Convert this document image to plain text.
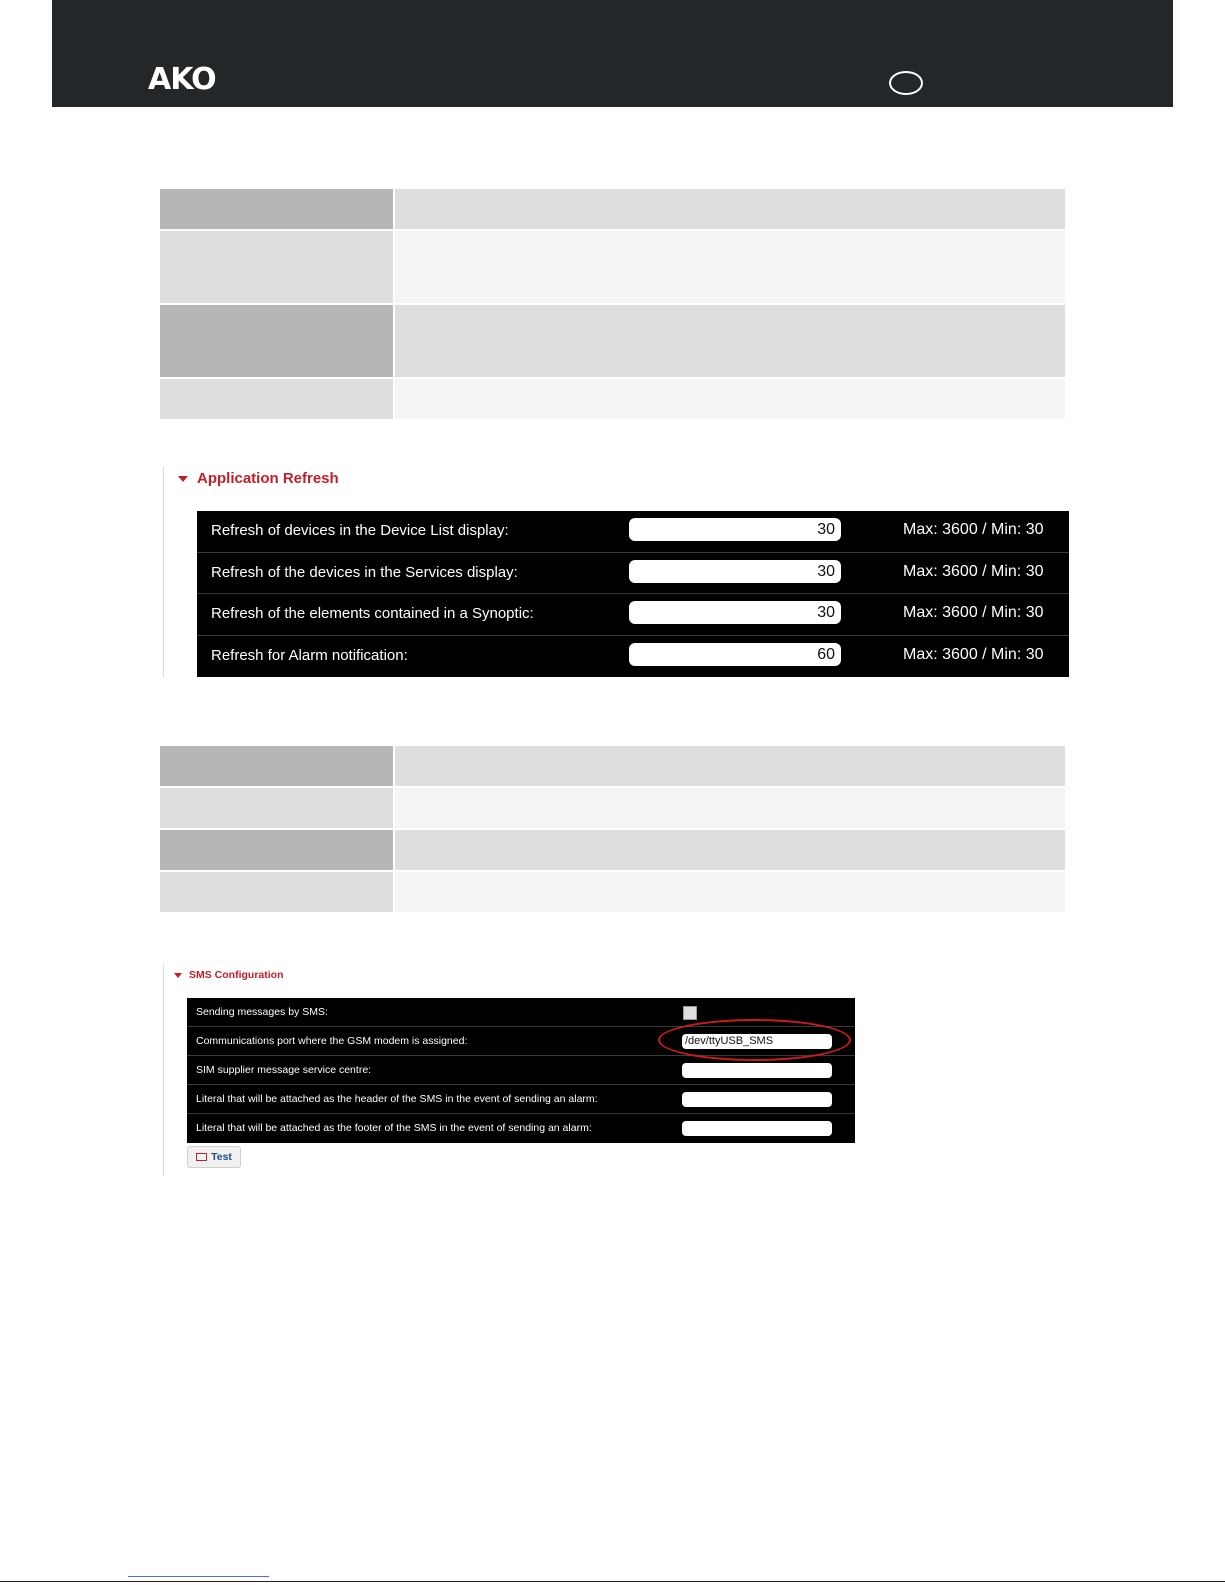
AKO
Application Refresh
Refresh of devices in the Device List display:	30	Max: 3600 / Min: 30
Refresh of the devices in the Services display:	30	Max: 3600 / Min: 30
Refresh of the elements contained in a Synoptic:	30	Max: 3600 / Min: 30
Refresh for Alarm notification:	60	Max: 3600 / Min: 30
SMS Configuration
Sending messages by SMS:
Communications port where the GSM modem is assigned:	/dev/ttyUSB_SMS
SIM supplier message service centre:
Literal that will be attached as the header of the SMS in the event of sending an alarm:
Literal that will be attached as the footer of the SMS in the event of sending an alarm:
Test
